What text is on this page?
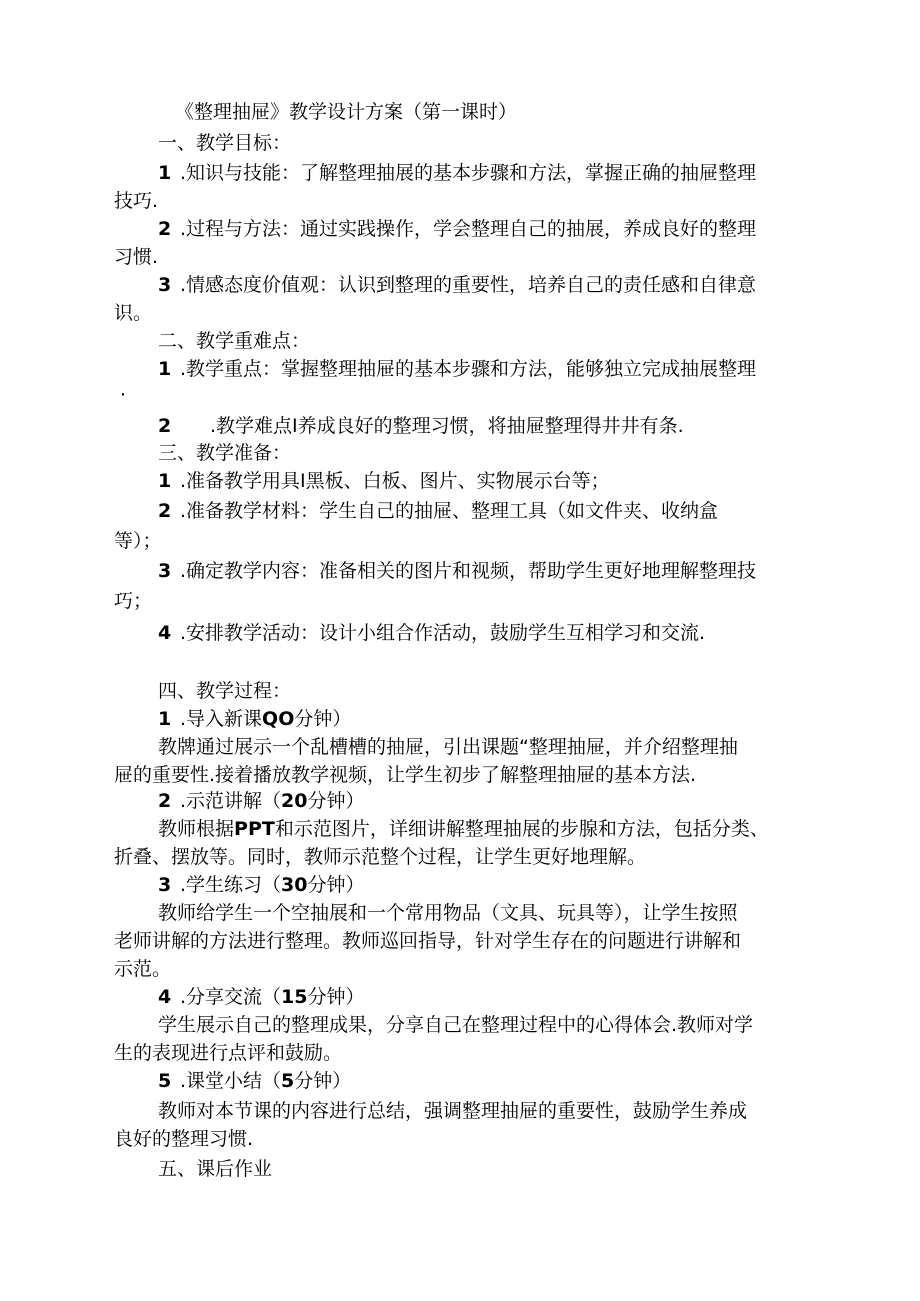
《整理抽屉》教学设计方案（第一课时）
一、教学目标：
1 .知识与技能：了解整理抽展的基本步骤和方法，掌握正确的抽屉整理
技巧.
2 .过程与方法：通过实践操作，学会整理自己的抽展，养成良好的整理
习惯.
3 .情感态度价值观：认识到整理的重要性，培养自己的责任感和自律意
识。
二、教学重难点：
1 .教学重点：掌握整理抽屉的基本步骤和方法，能够独立完成抽展整理
·
2 .教学难点I养成良好的整理习惯，将抽屉整理得井井有条.
三、教学准备：
1 .准备教学用具I黑板、白板、图片、实物展示台等；
2 .准备教学材料：学生自己的抽屉、整理工具（如文件夹、收纳盒
等）；
3 .确定教学内容：准备相关的图片和视频，帮助学生更好地理解整理技
巧；
4 .安排教学活动：设计小组合作活动，鼓励学生互相学习和交流.
四、教学过程：
1 .导入新课QO分钟）
教牌通过展示一个乱槽槽的抽屉，引出课题“整理抽屉，并介绍整理抽
屉的重要性.接着播放教学视频，让学生初步了解整理抽屉的基本方法.
2 .示范讲解（20分钟）
教师根据PPT和示范图片，详细讲解整理抽展的步腺和方法，包括分类、
折叠、摆放等。同时，教师示范整个过程，让学生更好地理解。
3 .学生练习（30分钟）
教师给学生一个空抽展和一个常用物品（文具、玩具等），让学生按照
老师讲解的方法进行整理。教师巡回指导，针对学生存在的问题进行讲解和
示范。
4 .分享交流（15分钟）
学生展示自己的整理成果，分享自己在整理过程中的心得体会.教师对学
生的表现进行点评和鼓励。
5 .课堂小结（5分钟）
教师对本节课的内容进行总结，强调整理抽屉的重要性，鼓励学生养成
良好的整理习惯.
五、课后作业
